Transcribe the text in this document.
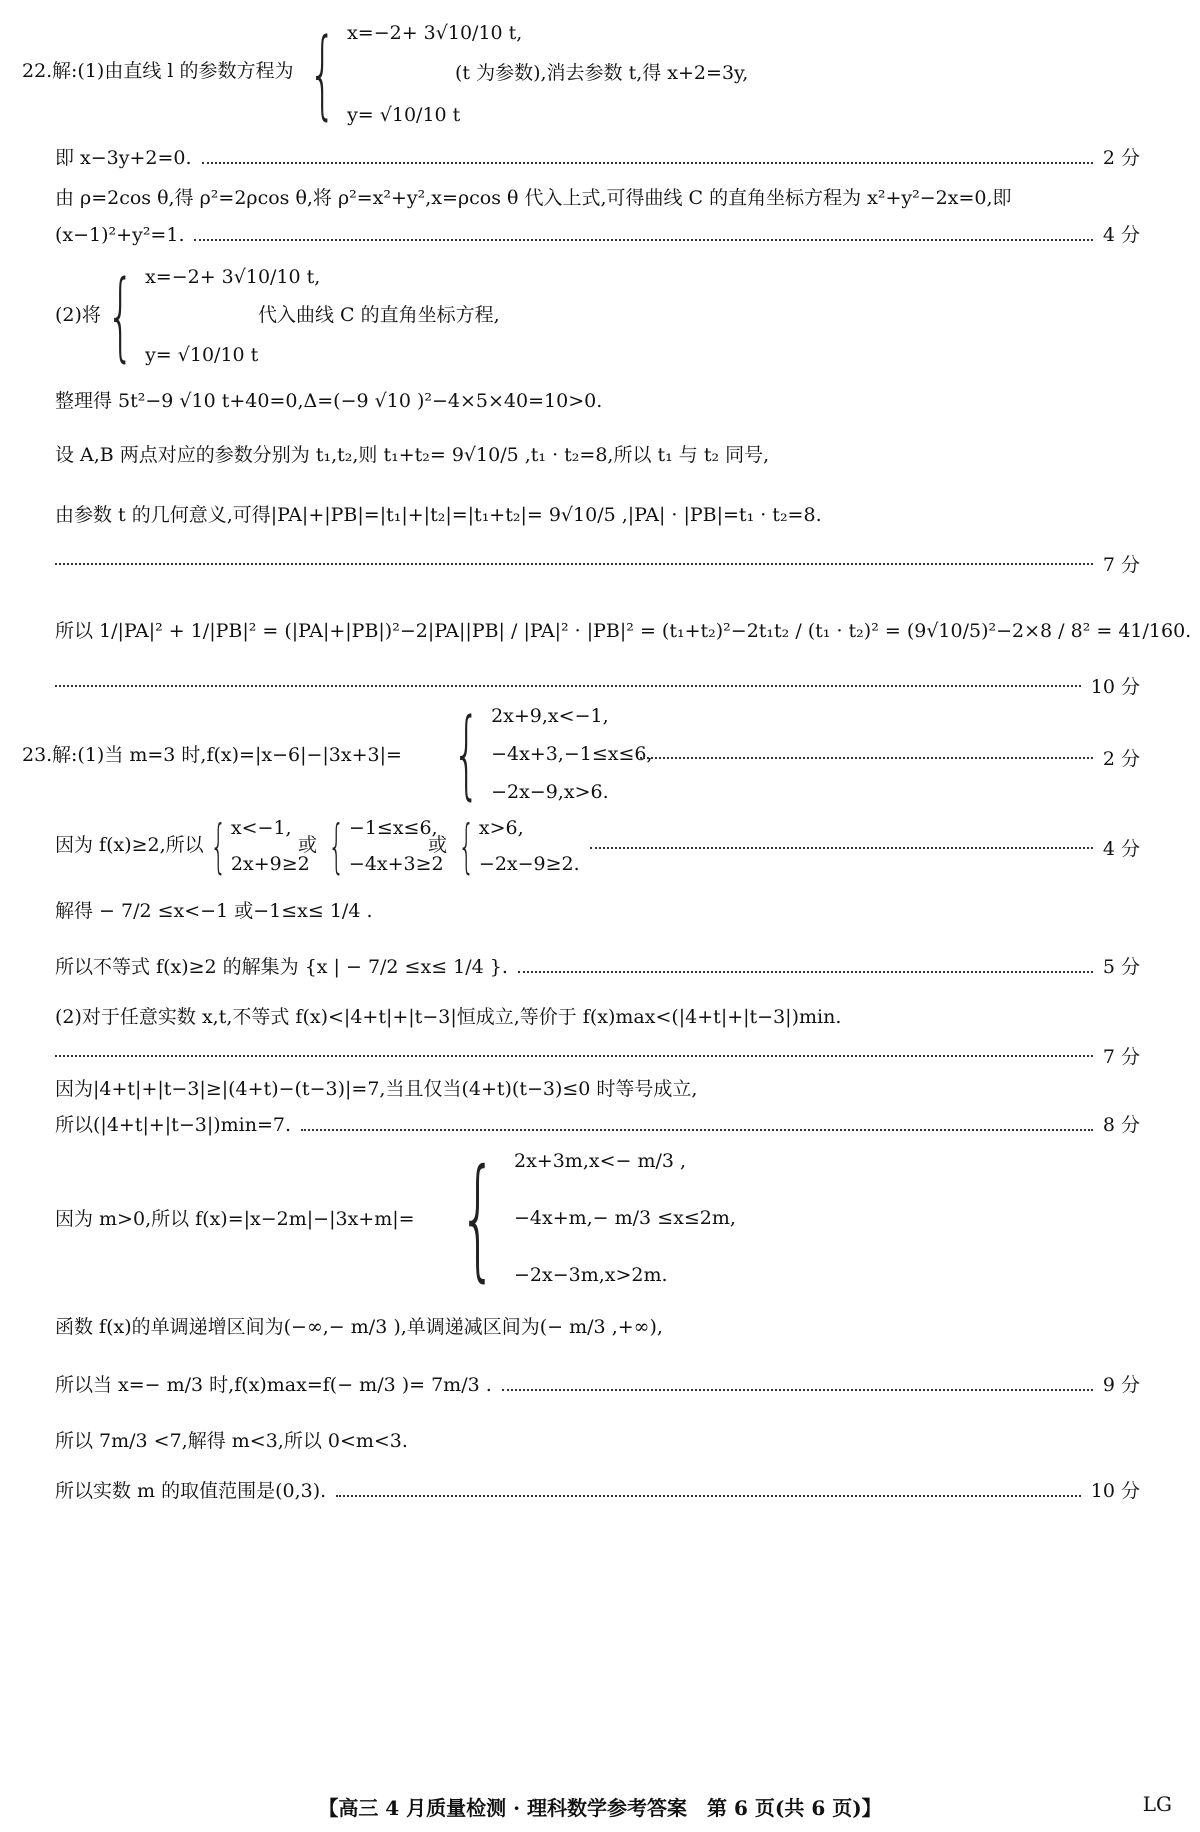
22. 解:(1)由直线 l 的参数方程为 { x=−2+ 3√10/10 t,
y= √10/10 t
(t 为参数),消去参数 t,得 x+2=3y,
即 x−3y+2=0.	2 分
由 ρ=2cos θ,得 ρ²=2ρcos θ,将 ρ²=x²+y²,x=ρcos θ 代入上式,可得曲线 C 的直角坐标方程为 x²+y²−2x=0,即
(x−1)²+y²=1.	4 分
(2)将 { x=−2+ 3√10/10 t,
y= √10/10 t
代入曲线 C 的直角坐标方程,
整理得 5t²−9 √10 t+40=0,Δ=(−9 √10 )²−4×5×40=10>0.
设 A,B 两点对应的参数分别为 t₁,t₂,则 t₁+t₂= 9√10/5 ,t₁ · t₂=8,所以 t₁ 与 t₂ 同号,
由参数 t 的几何意义,可得|PA|+|PB|=|t₁|+|t₂|=|t₁+t₂|= 9√10/5 ,|PA| · |PB|=t₁ · t₂=8.
7 分
所以 1/|PA|² + 1/|PB|² = (|PA|+|PB|)²−2|PA||PB| / |PA|² · |PB|² = (t₁+t₂)²−2t₁t₂ / (t₁ · t₂)² = (9√10/5)²−2×8 / 8² = 41/160.
10 分
23. 解:(1)当 m=3 时,f(x)=|x−6|−|3x+3|= { 2x+9,x<−1,
−4x+3,−1≤x≤6,
−2x−9,x>6.
2 分
因为 f(x)≥2,所以 { x<−1,
2x+9≥2
或 { −1≤x≤6,
−4x+3≥2
或 { x>6,
−2x−9≥2.
4 分
解得 − 7/2 ≤x<−1 或−1≤x≤ 1/4 .
所以不等式 f(x)≥2 的解集为 {x | − 7/2 ≤x≤ 1/4 }.	5 分
(2)对于任意实数 x,t,不等式 f(x)<|4+t|+|t−3|恒成立,等价于 f(x)max<(|4+t|+|t−3|)min.
7 分
因为|4+t|+|t−3|≥|(4+t)−(t−3)|=7,当且仅当(4+t)(t−3)≤0 时等号成立,
所以(|4+t|+|t−3|)min=7.	8 分
因为 m>0,所以 f(x)=|x−2m|−|3x+m|= { 2x+3m,x<− m/3 ,
−4x+m,− m/3 ≤x≤2m,
−2x−3m,x>2m.
函数 f(x)的单调递增区间为(−∞,− m/3 ),单调递减区间为(− m/3 ,+∞),
所以当 x=− m/3 时,f(x)max=f(− m/3 )= 7m/3 .	9 分
所以 7m/3 <7,解得 m<3,所以 0<m<3.
所以实数 m 的取值范围是(0,3).	10 分
【高三 4 月质量检测 · 理科数学参考答案　第 6 页(共 6 页)】	LG
